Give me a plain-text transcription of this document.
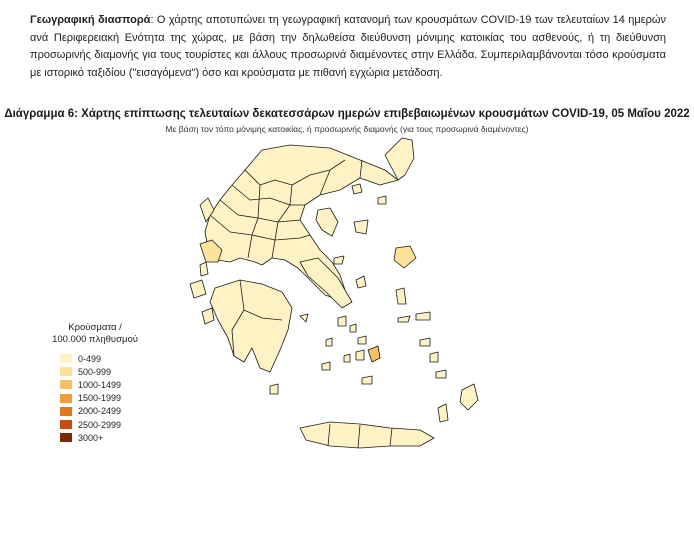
Γεωγραφική διασπορά: Ο χάρτης αποτυπώνει τη γεωγραφική κατανομή των κρουσμάτων COVID-19 των τελευταίων 14 ημερών ανά Περιφερειακή Ενότητα της χώρας, με βάση την δηλωθείσα διεύθυνση μόνιμης κατοικίας του ασθενούς, ή τη διεύθυνση προσωρινής διαμονής για τους τουρίστες και άλλους προσωρινά διαμένοντες στην Ελλάδα. Συμπεριλαμβάνονται τόσο κρούσματα με ιστορικό ταξιδίου ("εισαγόμενα") όσο και κρούσματα με πιθανή εγχώρια μετάδοση.
Διάγραμμα 6: Χάρτης επίπτωσης τελευταίων δεκατεσσάρων ημερών επιβεβαιωμένων κρουσμάτων COVID-19, 05 Μαΐου 2022
Με βάση τον τόπο μόνιμης κατοικίας, ή προσωρινής διαμονής (για τους προσωρινά διαμένοντες)
Κρούσματα /
100.000 πληθυσμού
0-499
500-999
1000-1499
1500-1999
2000-2499
2500-2999
3000+
